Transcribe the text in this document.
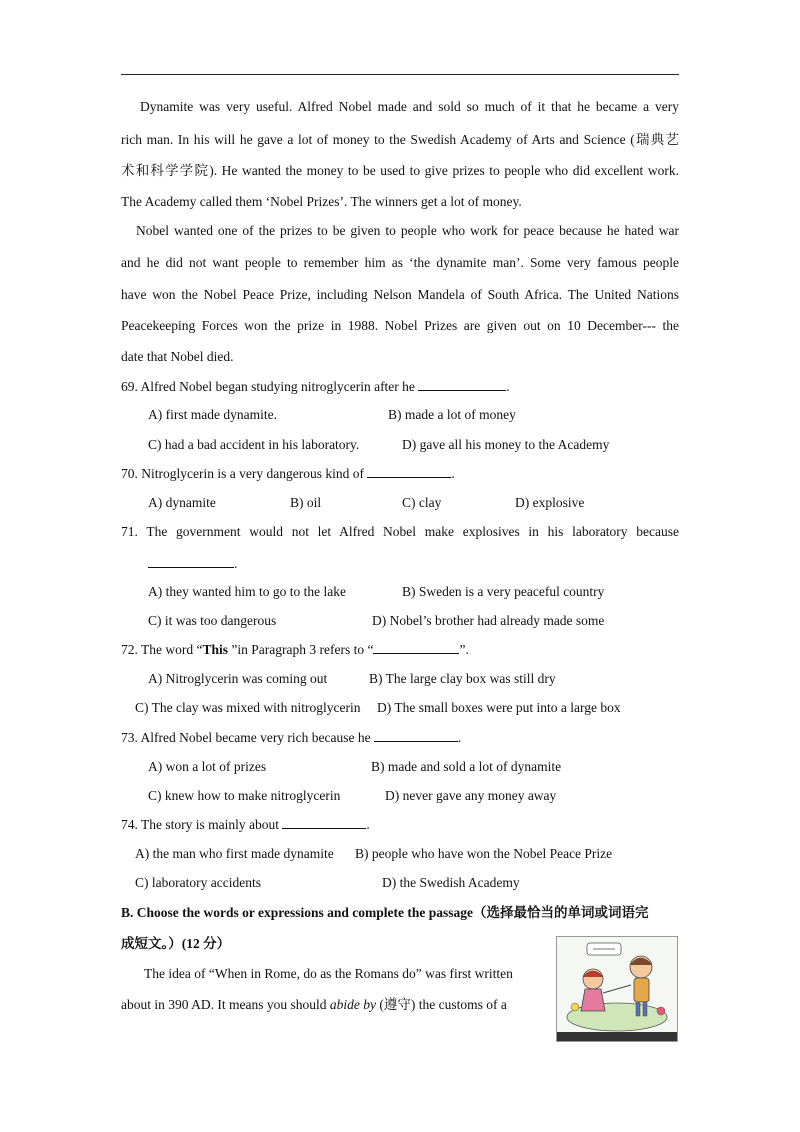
Dynamite was very useful. Alfred Nobel made and sold so much of it that he became a very
rich man. In his will he gave a lot of money to the Swedish Academy of Arts and Science (瑞典艺
术和科学学院). He wanted the money to be used to give prizes to people who did excellent work.
The Academy called them ‘Nobel Prizes’. The winners get a lot of money.
Nobel wanted one of the prizes to be given to people who work for peace because he hated war
and he did not want people to remember him as ‘the dynamite man’. Some very famous people
have won the Nobel Peace Prize, including Nelson Mandela of South Africa. The United Nations
Peacekeeping Forces won the prize in 1988. Nobel Prizes are given out on 10 December--- the
date that Nobel died.
69. Alfred Nobel began studying nitroglycerin after he	.
A) first made dynamite.	B) made a lot of money
C) had a bad accident in his laboratory.	D) gave all his money to the Academy
70. Nitroglycerin is a very dangerous kind of	.
A) dynamite	B) oil	C) clay	D) explosive
71. The government would not let Alfred Nobel make explosives in his laboratory because
.
A) they wanted him to go to the lake	B) Sweden is a very peaceful country
C) it was too dangerous	D) Nobel’s brother had already made some
72. The word “This ”in Paragraph 3 refers to “	”.
A) Nitroglycerin was coming out	B) The large clay box was still dry
C) The clay was mixed with nitroglycerin D) The small boxes were put into a large box
73. Alfred Nobel became very rich because he	.
A) won a lot of prizes	B) made and sold a lot of dynamite
C) knew how to make nitroglycerin	D) never gave any money away
74. The story is mainly about	.
A) the man who first made dynamite B) people who have won the Nobel Peace Prize
C) laboratory accidents	D) the Swedish Academy
B. Choose the words or expressions and complete the passage（选择最恰当的单词或词语完
成短文。）(12 分）
The idea of “When in Rome, do as the Romans do” was first written
about in 390 AD. It means you should abide by (遵守) the customs of a
